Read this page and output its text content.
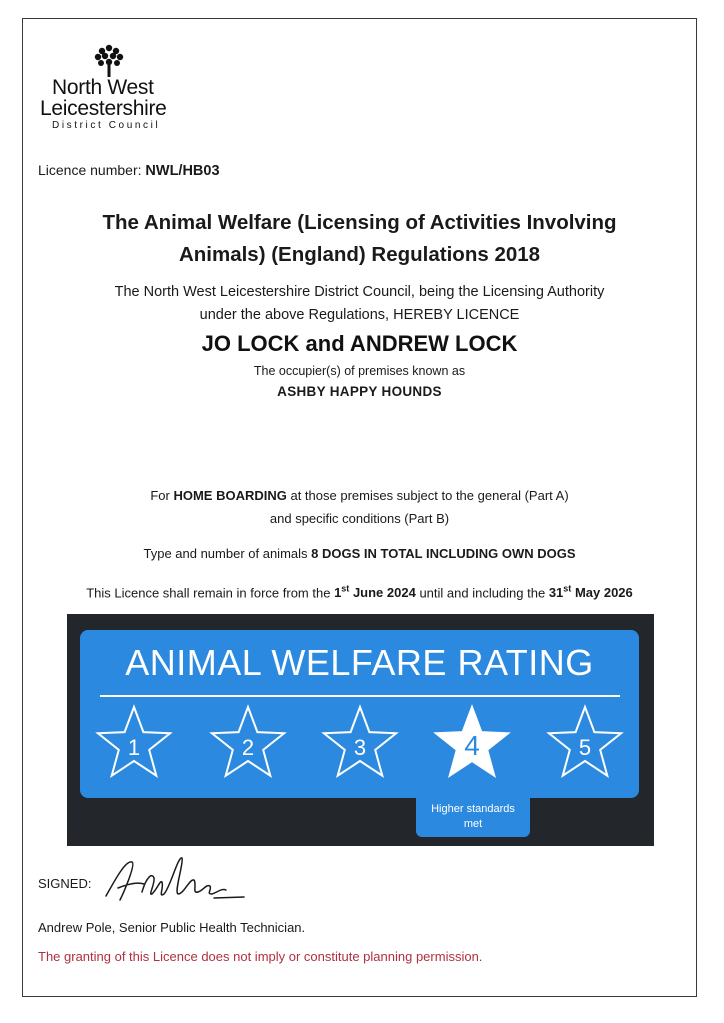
North West
Leicestershire
District Council
Licence number: NWL/HB03
The Animal Welfare (Licensing of Activities Involving
Animals) (England) Regulations 2018
The North West Leicestershire District Council, being the Licensing Authority
under the above Regulations, HEREBY LICENCE
JO LOCK and ANDREW LOCK
The occupier(s) of premises known as
ASHBY HAPPY HOUNDS
For HOME BOARDING at those premises subject to the general (Part A)
and specific conditions (Part B)
Type and number of animals 8 DOGS IN TOTAL INCLUDING OWN DOGS
This Licence shall remain in force from the 1st June 2024 until and including the 31st May 2026
ANIMAL WELFARE RATING
1	2	3	4	5
Higher standards
met
SIGNED:
Andrew Pole, Senior Public Health Technician.
The granting of this Licence does not imply or constitute planning permission.
